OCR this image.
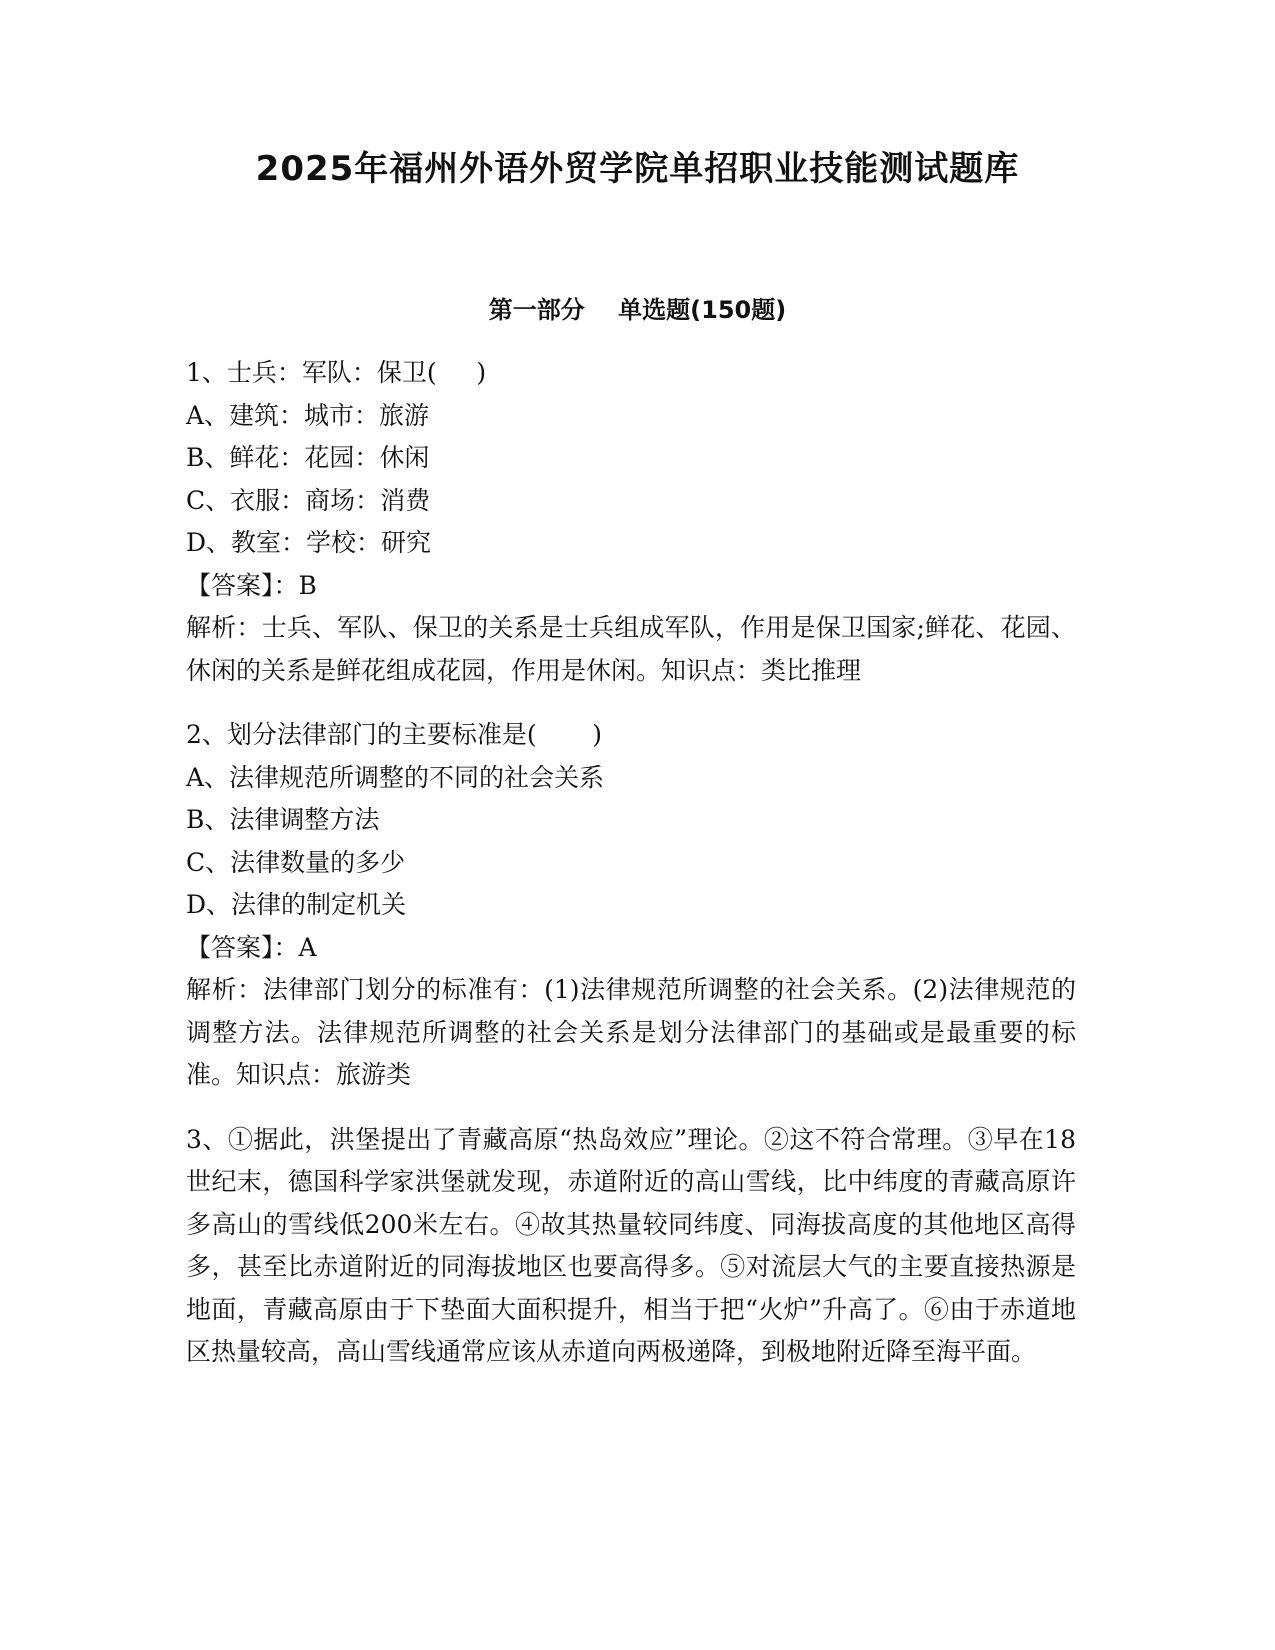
2025年福州外语外贸学院单招职业技能测试题库
第一部分    单选题(150题)
1、士兵：军队：保卫(     )
A、建筑：城市：旅游
B、鲜花：花园：休闲
C、衣服：商场：消费
D、教室：学校：研究
【答案】：B
解析：士兵、军队、保卫的关系是士兵组成军队，作用是保卫国家;鲜花、花园、休闲的关系是鲜花组成花园，作用是休闲。知识点：类比推理
2、划分法律部门的主要标准是(       )
A、法律规范所调整的不同的社会关系
B、法律调整方法
C、法律数量的多少
D、法律的制定机关
【答案】：A
解析：法律部门划分的标准有：(1)法律规范所调整的社会关系。(2)法律规范的调整方法。法律规范所调整的社会关系是划分法律部门的基础或是最重要的标准。知识点：旅游类
3、①据此，洪堡提出了青藏高原“热岛效应”理论。②这不符合常理。③早在18世纪末，德国科学家洪堡就发现，赤道附近的高山雪线，比中纬度的青藏高原许多高山的雪线低200米左右。④故其热量较同纬度、同海拔高度的其他地区高得多，甚至比赤道附近的同海拔地区也要高得多。⑤对流层大气的主要直接热源是地面，青藏高原由于下垫面大面积提升，相当于把“火炉”升高了。⑥由于赤道地区热量较高，高山雪线通常应该从赤道向两极递降，到极地附近降至海平面。
